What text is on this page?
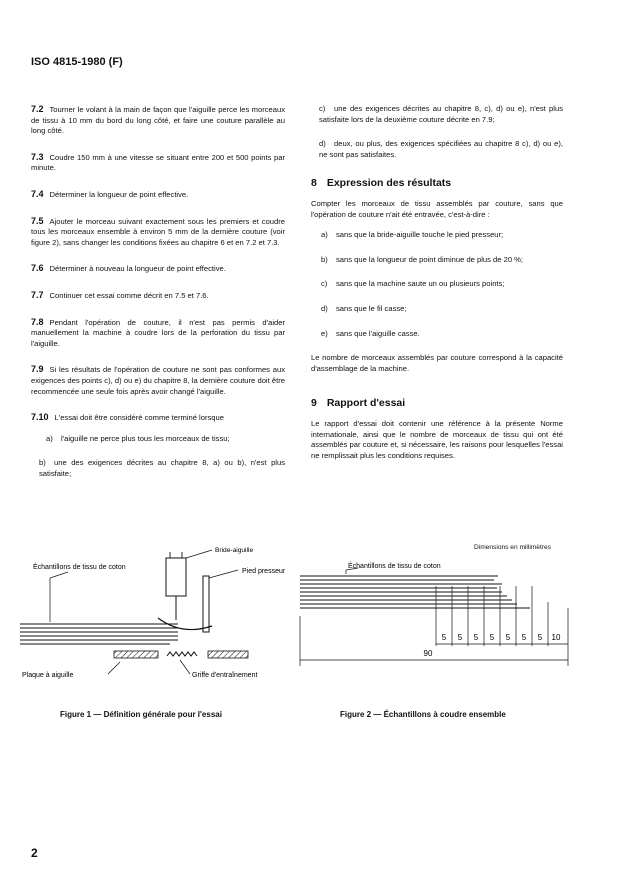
ISO 4815-1980 (F)

7.2 Tourner le volant à la main de façon que l'aiguille perce les morceaux de tissu à 10 mm du bord du long côté, et faire une couture parallèle au long côté.

7.3 Coudre 150 mm à une vitesse se situant entre 200 et 500 points par minute.

7.4 Déterminer la longueur de point effective.

7.5 Ajouter le morceau suivant exactement sous les premiers et coudre tous les morceaux ensemble à environ 5 mm de la dernière couture (voir figure 2), sans changer les conditions fixées au chapitre 6 et en 7.2 et 7.3.

7.6 Déterminer à nouveau la longueur de point effective.

7.7 Continuer cet essai comme décrit en 7.5 et 7.6.

7.8 Pendant l'opération de couture, il n'est pas permis d'aider manuellement la machine à coudre lors de la perforation du tissu par l'aiguille.

7.9 Si les résultats de l'opération de couture ne sont pas conformes aux exigences des points c), d) ou e) du chapitre 8, la dernière couture doit être recommencée une seule fois après avoir changé l'aiguille.

7.10 L'essai doit être considéré comme terminé lorsque

a) l'aiguille ne perce plus tous les morceaux de tissu;

b) une des exigences décrites au chapitre 8, a) ou b), n'est plus satisfaite;

c) une des exigences décrites au chapitre 8, c), d) ou e), n'est plus satisfaite lors de la deuxième couture décrite en 7.9;

d) deux, ou plus, des exigences spécifiées au chapitre 8 c), d) ou e), ne sont pas satisfaites.

8 Expression des résultats

Compter les morceaux de tissu assemblés par couture, sans que l'opération de couture n'ait été entravée, c'est-à-dire :

a) sans que la bride-aiguille touche le pied presseur;

b) sans que la longueur de point diminue de plus de 20 %;

c) sans que la machine saute un ou plusieurs points;

d) sans que le fil casse;

e) sans que l'aiguille casse.

Le nombre de morceaux assemblés par couture correspond à la capacité d'assemblage de la machine.

9 Rapport d'essai

Le rapport d'essai doit contenir une référence à la présente Norme internationale, ainsi que le nombre de morceaux de tissu qui ont été assemblés par couture et, si nécessaire, les raisons pour lesquelles l'essai ne remplissait plus les conditions requises.

Bride-aiguille
Échantillons de tissu de coton
Pied presseur
Plaque à aiguille	Griffe d'entraînement
Figure 1 — Définition générale pour l'essai
Dimensions en millimètres
Échantillons de tissu de coton
5 5 5 5 5 5 5 10
90
Figure 2 — Échantillons à coudre ensemble
2
